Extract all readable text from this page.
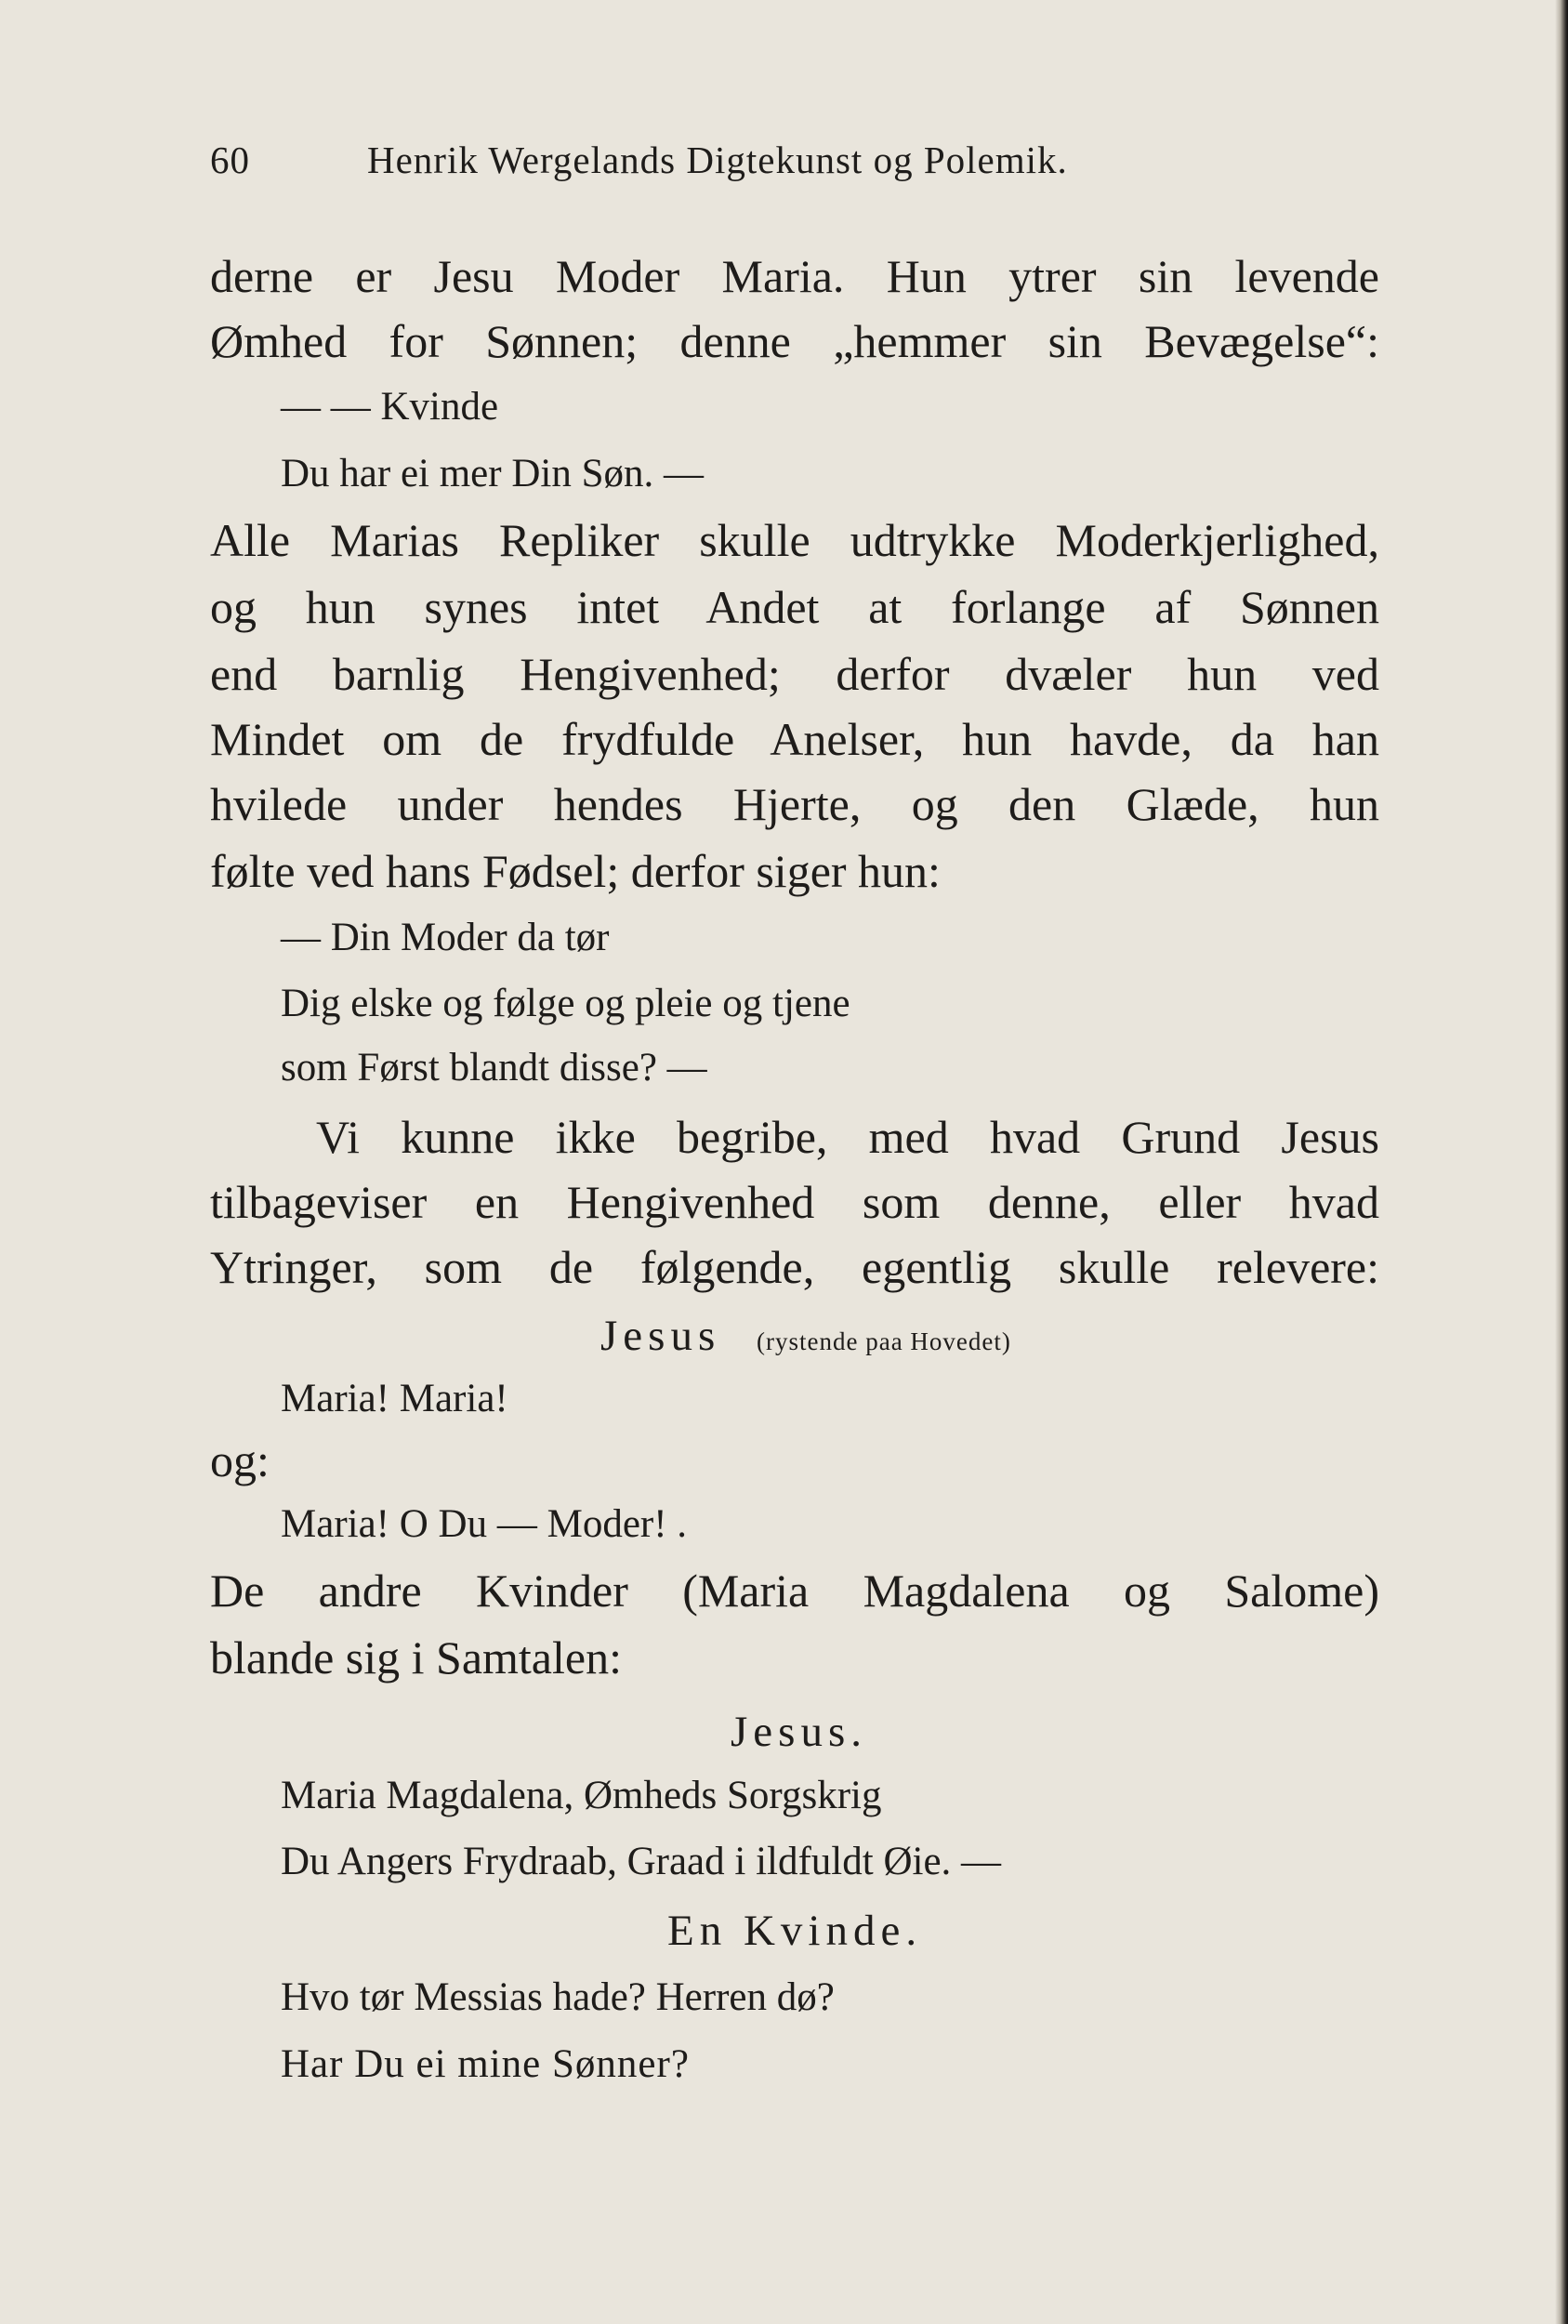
60	Henrik Wergelands Digtekunst og Polemik.
derne er Jesu Moder Maria. Hun ytrer sin levende
Ømhed for Sønnen; denne „hemmer sin Bevægelse“:
— — Kvinde
Du har ei mer Din Søn. —
Alle Marias Repliker skulle udtrykke Moderkjerlighed,
og hun synes intet Andet at forlange af Sønnen
end barnlig Hengivenhed; derfor dvæler hun ved
Mindet om de frydfulde Anelser, hun havde, da han
hvilede under hendes Hjerte, og den Glæde, hun
følte ved hans Fødsel; derfor siger hun:
— Din Moder da tør
Dig elske og følge og pleie og tjene
som Først blandt disse? —
Vi kunne ikke begribe, med hvad Grund Jesus
tilbageviser en Hengivenhed som denne, eller hvad
Ytringer, som de følgende, egentlig skulle relevere:
Jesus (rystende paa Hovedet)
Maria! Maria!
og:
Maria! O Du — Moder! .
De andre Kvinder (Maria Magdalena og Salome)
blande sig i Samtalen:
Jesus.
Maria Magdalena, Ømheds Sorgskrig
Du Angers Frydraab, Graad i ildfuldt Øie. —
En Kvinde.
Hvo tør Messias hade? Herren dø?
Har Du ei mine Sønner?
